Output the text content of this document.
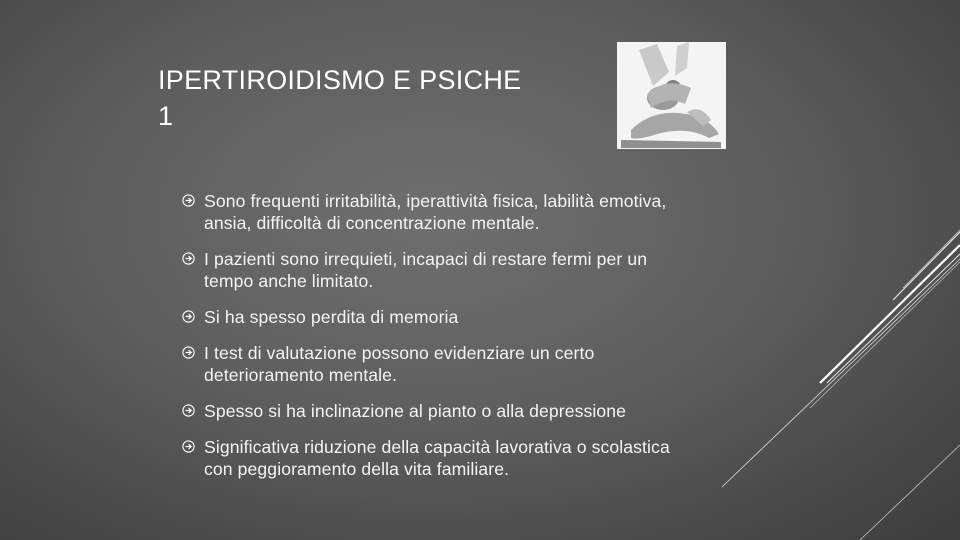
IPERTIROIDISMO E PSICHE
1
Sono frequenti irritabilità, iperattività fisica, labilità emotiva,
ansia, difficoltà di concentrazione mentale.
I pazienti sono irrequieti, incapaci di restare fermi per un
tempo anche limitato.
Si ha spesso perdita di memoria
I test di valutazione possono evidenziare un certo
deterioramento mentale.
Spesso si ha inclinazione al pianto o alla depressione
Significativa riduzione della capacità lavorativa o scolastica
con peggioramento della vita familiare.
